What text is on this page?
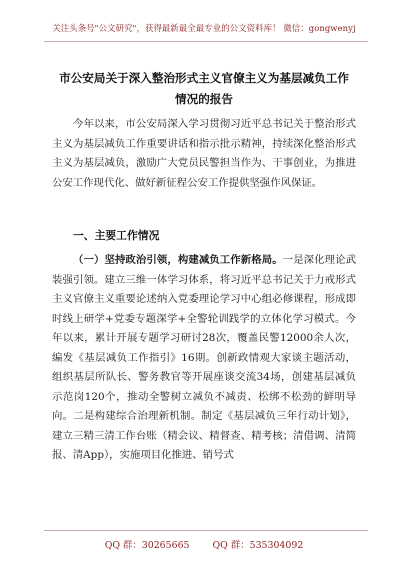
关注头条号"公文研究"，获得最新最全最专业的公文资料库！ 微信：gongwenyj
市公安局关于深入整治形式主义官僚主义为基层减负工作
情况的报告

今年以来，市公安局深入学习贯彻习近平总书记关于整治形式主义为基层减负工作重要讲话和指示批示精神，持续深化整治形式主义为基层减负，激励广大党员民警担当作为、干事创业，为推进公安工作现代化、做好新征程公安工作提供坚强作风保证。

一、主要工作情况

（一）坚持政治引领，构建减负工作新格局。一是深化理论武装强引领。建立三维一体学习体系，将习近平总书记关于力戒形式主义官僚主义重要论述纳入党委理论学习中心组必修课程，形成即时线上研学+党委专题深学+全警轮训践学的立体化学习模式。今年以来，累计开展专题学习研讨28次，覆盖民警12000余人次，编发《基层减负工作指引》16期。创新政情观大家谈主题活动，组织基层所队长、警务教官等开展座谈交流34场，创建基层减负示范岗120个，推动全警树立减负不减责、松绑不松劲的鲜明导向。二是构建综合治理新机制。制定《基层减负三年行动计划》，建立三精三清工作台账（精会议、精督查、精考核；清借调、清简报、清App），实施项目化推进、销号式

QQ 群：30265665 QQ 群：535304092
